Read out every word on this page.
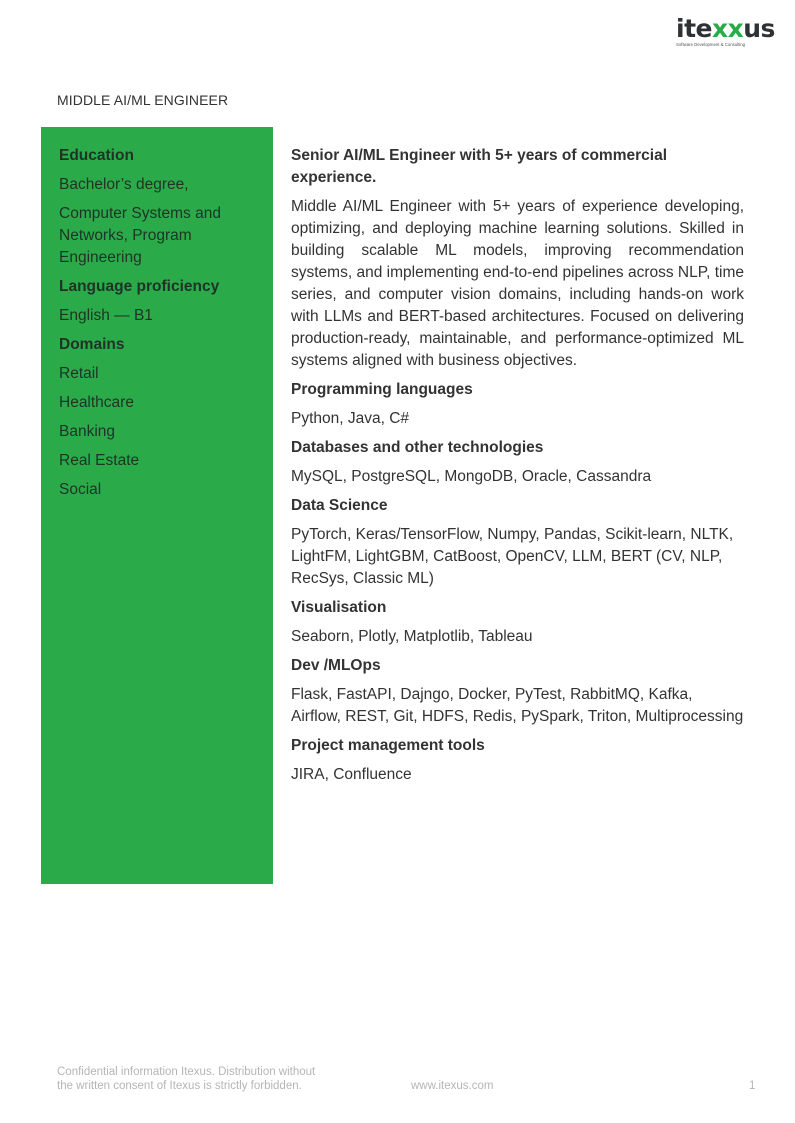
itexxus
Software Development & Consulting
MIDDLE AI/ML ENGINEER
Education
Bachelor’s degree,
Computer Systems and Networks, Program Engineering
Language proficiency
English — B1
Domains
Retail
Healthcare
Banking
Real Estate
Social
Senior AI/ML Engineer with 5+ years of commercial experience.
Middle AI/ML Engineer with 5+ years of experience developing, optimizing, and deploying machine learning solutions. Skilled in building scalable ML models, improving recommendation systems, and implementing end-to-end pipelines across NLP, time series, and computer vision domains, including hands-on work with LLMs and BERT-based architectures. Focused on delivering production-ready, maintainable, and performance-optimized ML systems aligned with business objectives.
Programming languages
Python, Java, C#
Databases and other technologies
MySQL, PostgreSQL, MongoDB, Oracle, Cassandra
Data Science
PyTorch, Keras/TensorFlow, Numpy, Pandas, Scikit-learn, NLTK, LightFM, LightGBM, CatBoost, OpenCV, LLM, BERT (CV, NLP, RecSys, Classic ML)
Visualisation
Seaborn, Plotly, Matplotlib, Tableau
Dev /MLOps
Flask, FastAPI, Dajngo, Docker, PyTest, RabbitMQ, Kafka, Airflow, REST, Git, HDFS, Redis, PySpark, Triton, Multiprocessing
Project management tools
JIRA, Confluence
Confidential information Itexus. Distribution without
the written consent of Itexus is strictly forbidden.	www.itexus.com	1
